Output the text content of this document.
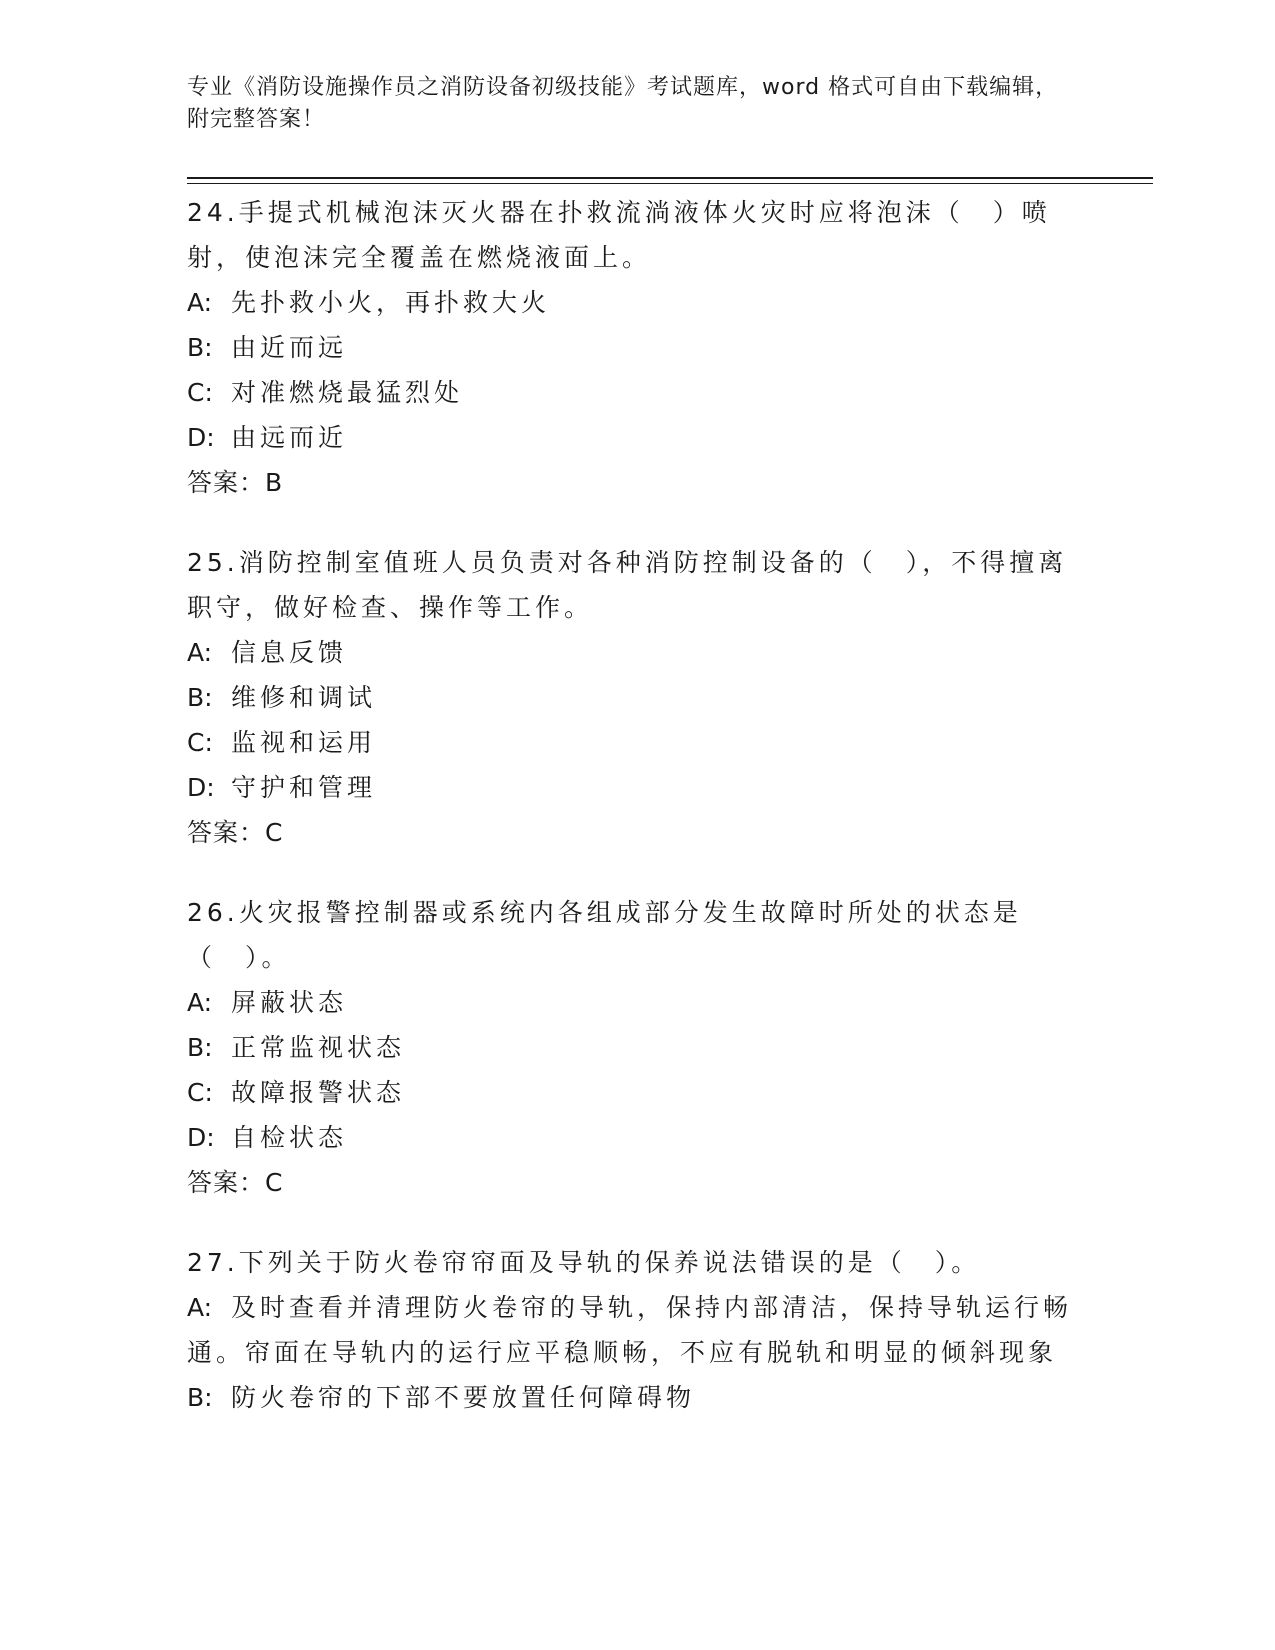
专业《消防设施操作员之消防设备初级技能》考试题库，word 格式可自由下载编辑，附完整答案！
24.手提式机械泡沫灭火器在扑救流淌液体火灾时应将泡沫（　）喷射，使泡沫完全覆盖在燃烧液面上。
A: 先扑救小火，再扑救大火
B: 由近而远
C: 对准燃烧最猛烈处
D: 由远而近
答案：B
25.消防控制室值班人员负责对各种消防控制设备的（　），不得擅离职守，做好检查、操作等工作。
A: 信息反馈
B: 维修和调试
C: 监视和运用
D: 守护和管理
答案：C
26.火灾报警控制器或系统内各组成部分发生故障时所处的状态是（　）。
A: 屏蔽状态
B: 正常监视状态
C: 故障报警状态
D: 自检状态
答案：C
27.下列关于防火卷帘帘面及导轨的保养说法错误的是（　）。
A: 及时查看并清理防火卷帘的导轨，保持内部清洁，保持导轨运行畅通。帘面在导轨内的运行应平稳顺畅，不应有脱轨和明显的倾斜现象
B: 防火卷帘的下部不要放置任何障碍物
